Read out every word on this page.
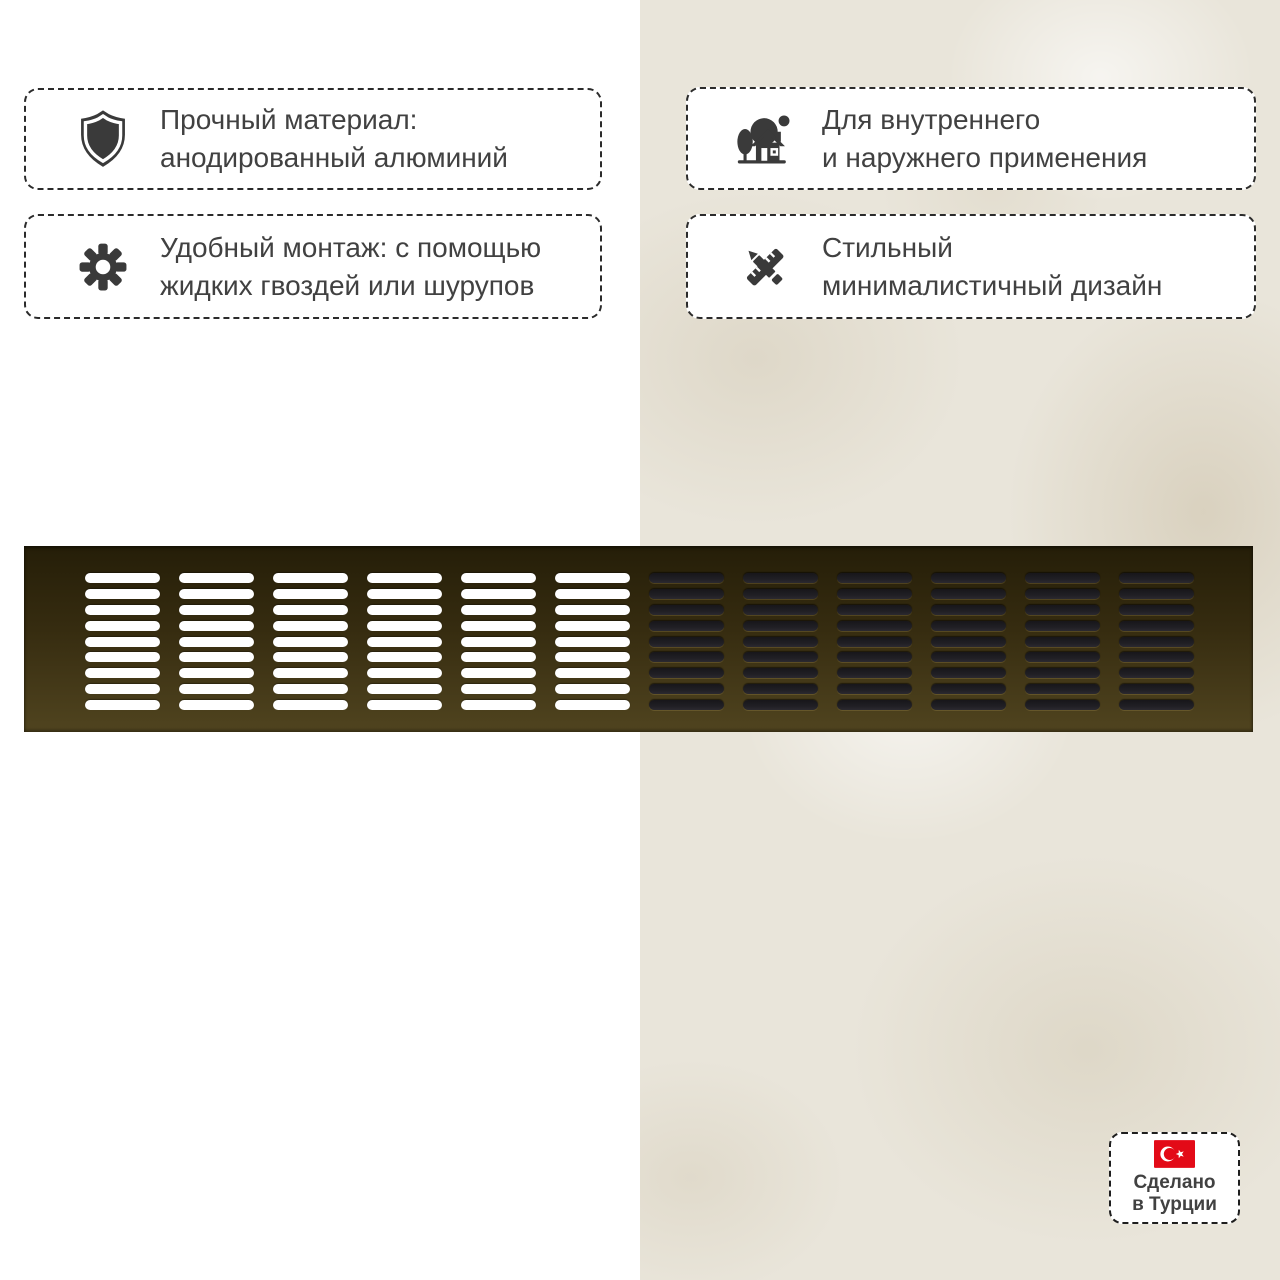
Прочный материал:
анодированный алюминий
Для внутреннего
и наружнего применения
Удобный монтаж: с помощью
жидких гвоздей или шурупов
Стильный
минималистичный дизайн
Сделано
в Турции
